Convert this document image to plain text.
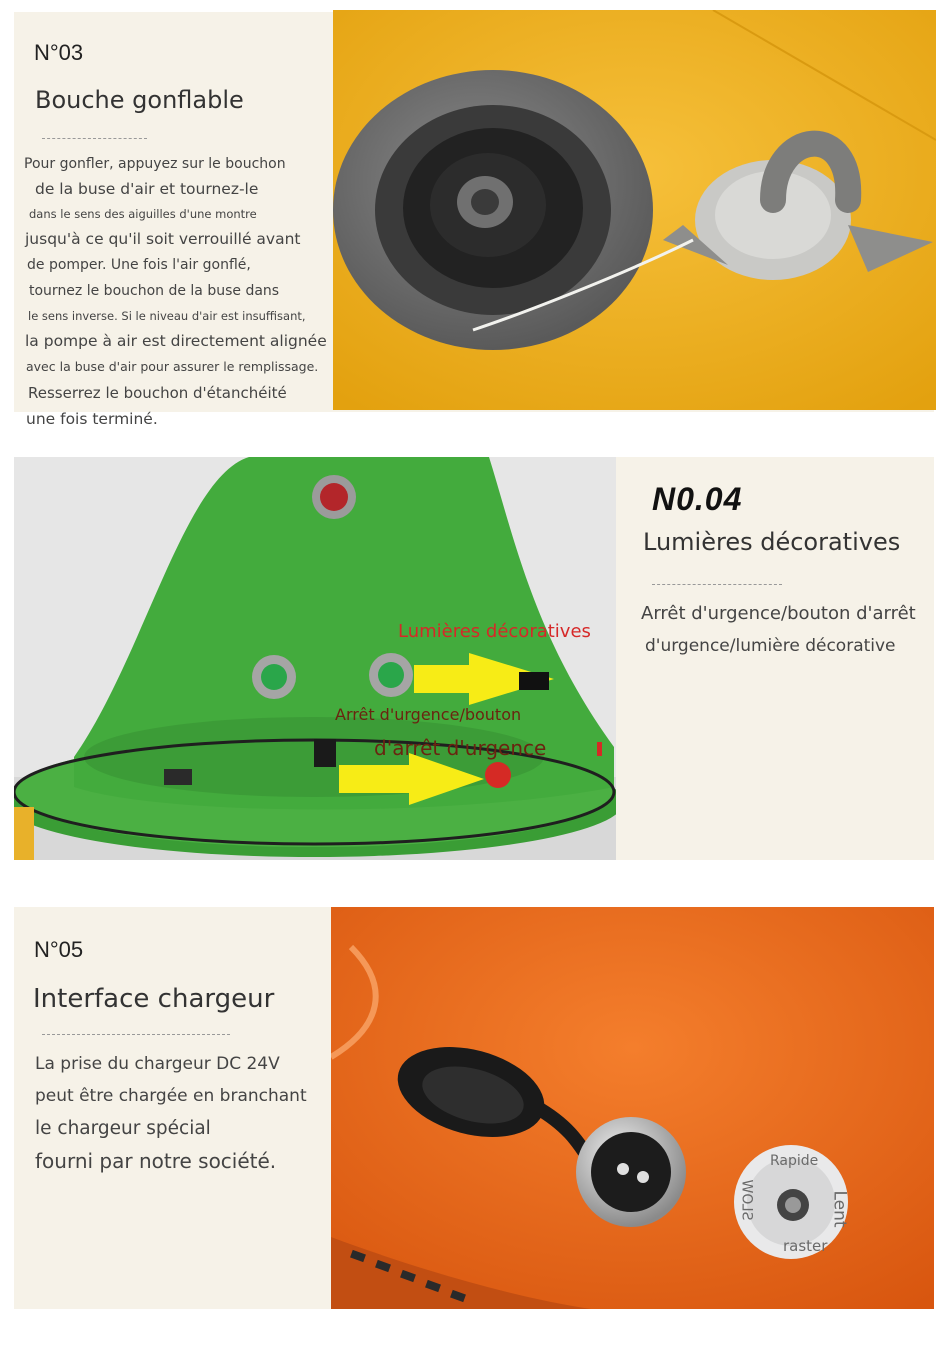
N°03
Bouche gonflable
Pour gonfler, appuyez sur le bouchon
de la buse d'air et tournez-le
dans le sens des aiguilles d'une montre
jusqu'à ce qu'il soit verrouillé avant
de pomper. Une fois l'air gonflé,
tournez le bouchon de la buse dans
le sens inverse. Si le niveau d'air est insuffisant,
la pompe à air est directement alignée
avec la buse d'air pour assurer le remplissage.
Resserrez le bouchon d'étanchéité
une fois terminé.
Lumières décoratives
Arrêt d'urgence/bouton
d'arrêt d'urgence
N0.04
Lumières décoratives
Arrêt d'urgence/bouton d'arrêt
d'urgence/lumière décorative
N°05
Interface chargeur
La prise du chargeur DC 24V
peut être chargée en branchant
le chargeur spécial
fourni par notre société.	Rapide
Lent
SLOW
raster
